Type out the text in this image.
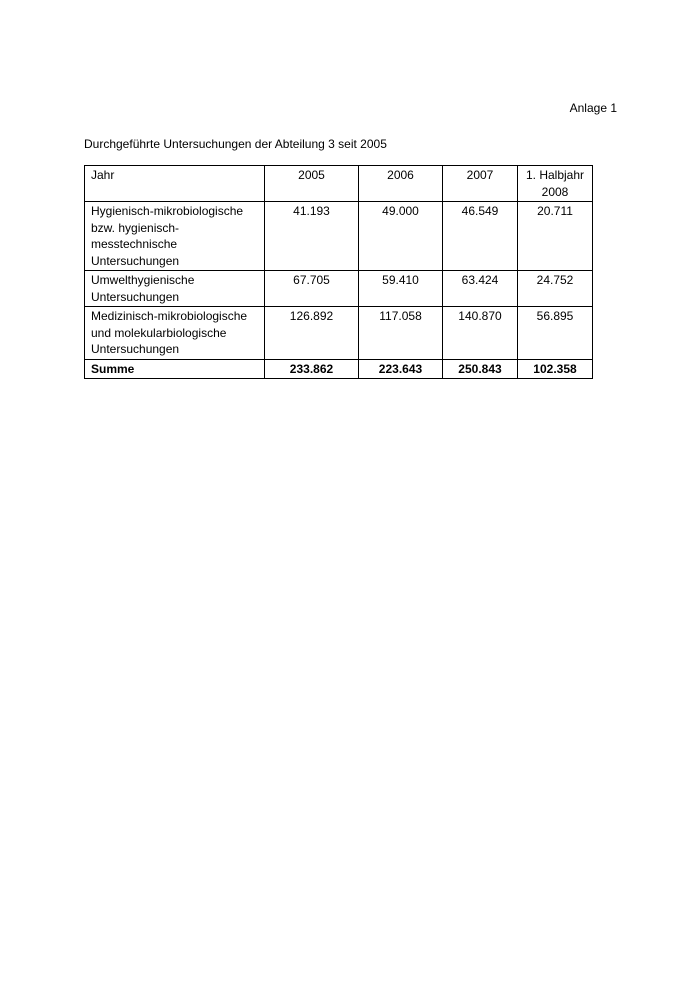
Anlage 1
Durchgeführte Untersuchungen der Abteilung 3 seit 2005
Jahr	2005	2006	2007	1. Halbjahr
2008

Hygienisch-mikrobiologische
bzw. hygienisch-
messtechnische
Untersuchungen	41.193	49.000	46.549	20.711

Umwelthygienische
Untersuchungen	67.705	59.410	63.424	24.752

Medizinisch-mikrobiologische
und molekularbiologische
Untersuchungen	126.892	117.058	140.870	56.895
Summe	233.862	223.643	250.843	102.358
